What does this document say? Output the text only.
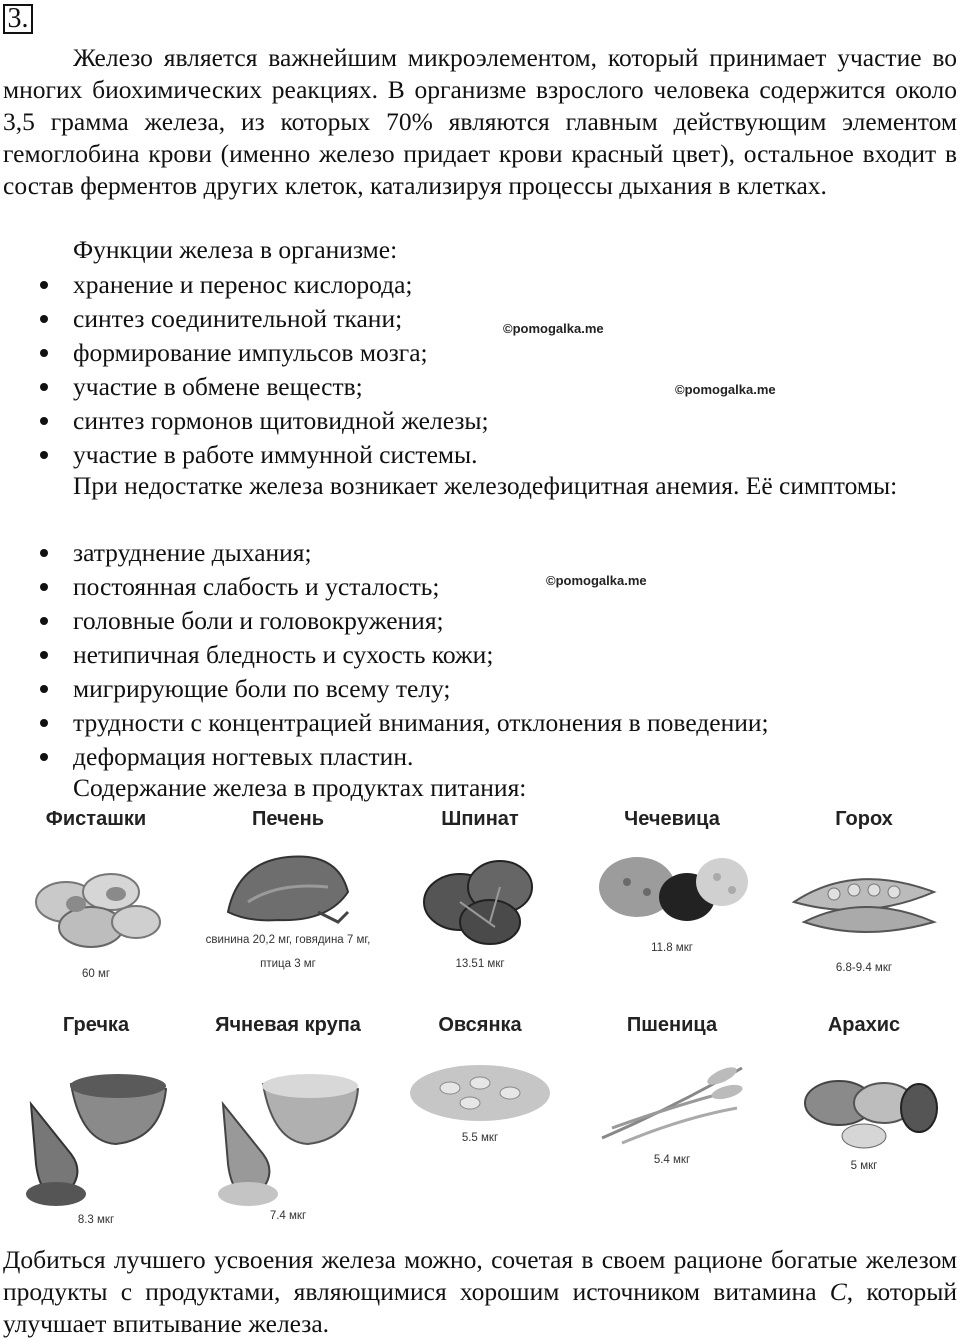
3.

Железо является важнейшим микроэлементом, который принимает участие во многих биохимических реакциях. В организме взрослого человека содержится около 3,5 грамма железа, из которых 70% являются главным действующим элементом гемоглобина крови (именно железо придает крови красный цвет), остальное входит в состав ферментов других клеток, катализируя процессы дыхания в клетках.

Функции железа в организме:

хранение и перенос кислорода;
синтез соединительной ткани;
формирование импульсов мозга;
участие в обмене веществ;
синтез гормонов щитовидной железы;
участие в работе иммунной системы.
©pomogalka.me
©pomogalka.me

При недостатке железа возникает железодефицитная анемия. Её симптомы:

затруднение дыхания;
постоянная слабость и усталость;
головные боли и головокружения;
нетипичная бледность и сухость кожи;
мигрирующие боли по всему телу;
трудности с концентрацией внимания, отклонения в поведении;
деформация ногтевых пластин.
©pomogalka.me

Содержание железа в продуктах питания:

Фисташки
60 мг
Печень
свинина 20,2 мг, говядина 7 мг, птица 3 мг
Шпинат
13.51 мкг
Чечевица
11.8 мкг
Горох
6.8-9.4 мкг
Гречка
8.3 мкг
Ячневая крупа
7.4 мкг
Овсянка
5.5 мкг
Пшеница
5.4 мкг
Арахис
5 мкг

Добиться лучшего усвоения железа можно, сочетая в своем рационе богатые железом продукты с продуктами, являющимися хорошим источником витамина C, который улучшает впитывание железа.
